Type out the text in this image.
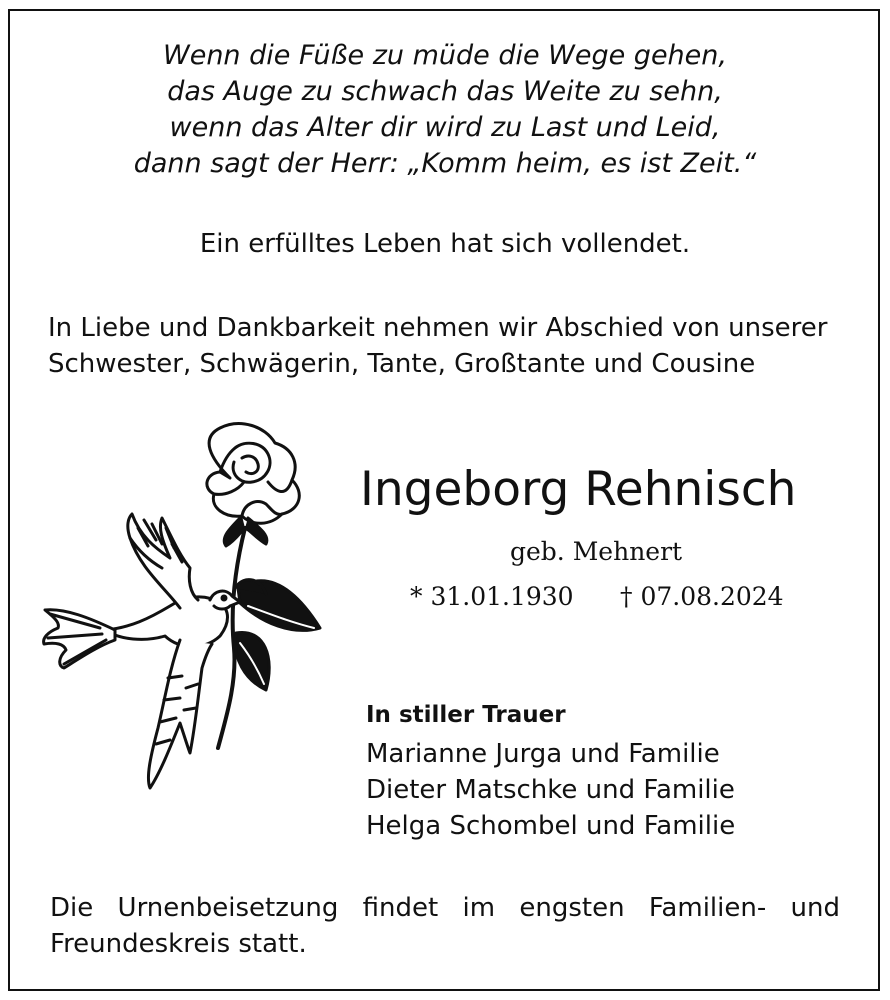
Wenn die Füße zu müde die Wege gehen,
das Auge zu schwach das Weite zu sehn,
wenn das Alter dir wird zu Last und Leid,
dann sagt der Herr: „Komm heim, es ist Zeit.“
Ein erfülltes Leben hat sich vollendet.
In Liebe und Dankbarkeit nehmen wir Abschied von unserer
Schwester, Schwägerin, Tante, Großtante und Cousine
Ingeborg Rehnisch
geb. Mehnert
* 31.01.1930 † 07.08.2024
In stiller Trauer
Marianne Jurga und Familie
Dieter Matschke und Familie
Helga Schombel und Familie
Die Urnenbeisetzung findet im engsten Familien- und Freundeskreis statt.
